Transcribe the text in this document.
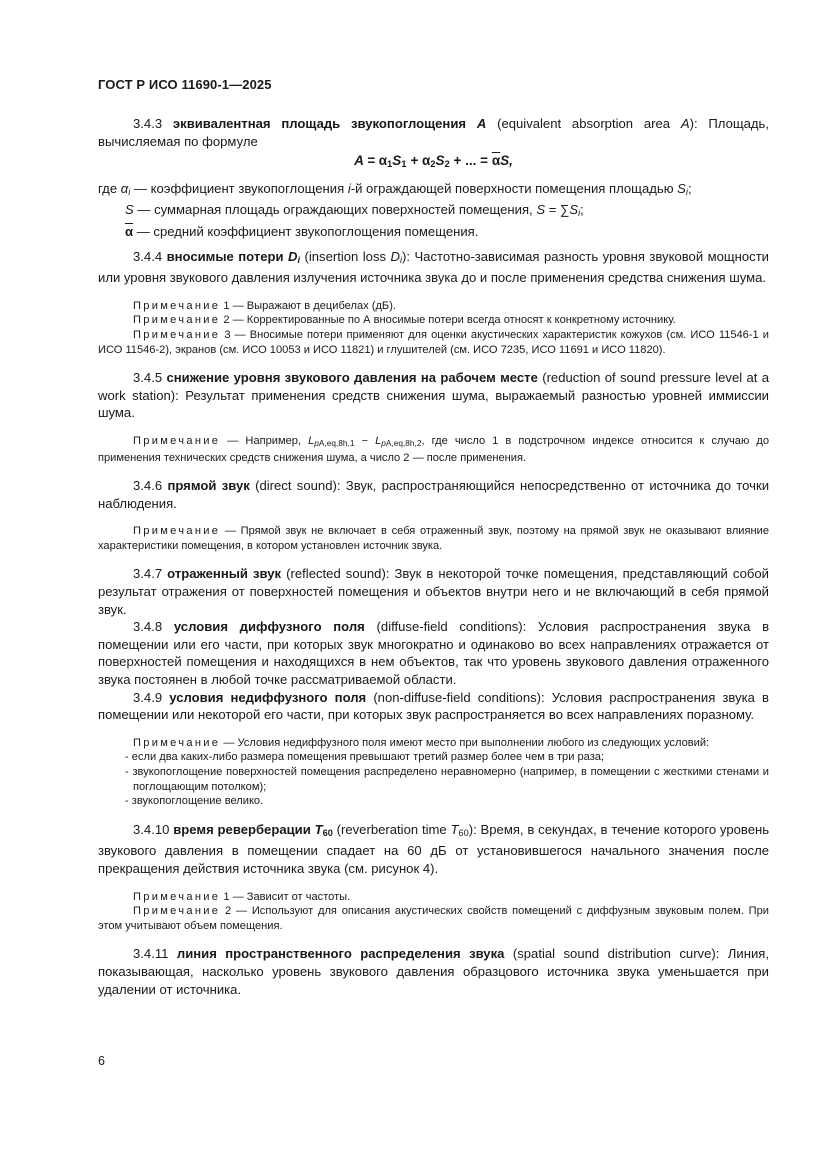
ГОСТ Р ИСО 11690-1—2025

3.4.3 эквивалентная площадь звукопоглощения A (equivalent absorption area A): Площадь, вычисляемая по формуле

$A = \alpha_1S_1 + \alpha_2S_2$ + ... = $\overline{\alpha}S$,

где $\alpha_i$ — коэффициент звукопоглощения i-й ограждающей поверхности помещения площадью $S_i$;

S — суммарная площадь ограждающих поверхностей помещения, $S = \sum S_i$;

$\overline{\alpha}$ — средний коэффициент звукопоглощения помещения.

3.4.4 вносимые потери $D_i$ (insertion loss $D_i$): Частотно-зависимая разность уровня звуковой мощности или уровня звукового давления излучения источника звука до и после применения средства снижения шума.

Примечание 1 — Выражают в децибелах (дБ).

Примечание 2 — Корректированные по А вносимые потери всегда относят к конкретному источнику.

Примечание 3 — Вносимые потери применяют для оценки акустических характеристик кожухов (см. ИСО 11546-1 и ИСО 11546-2), экранов (см. ИСО 10053 и ИСО 11821) и глушителей (см. ИСО 7235, ИСО 11691 и ИСО 11820).

3.4.5 снижение уровня звукового давления на рабочем месте (reduction of sound pressure level at a work station): Результат применения средств снижения шума, выражаемый разностью уровней иммиссии шума.

Примечание — Например, $L_{pA,eq,8h,1} - L_{pA,eq,8h,2}$, где число 1 в подстрочном индексе относится к случаю до применения технических средств снижения шума, а число 2 — после применения.

3.4.6 прямой звук (direct sound): Звук, распространяющийся непосредственно от источника до точки наблюдения.

Примечание — Прямой звук не включает в себя отраженный звук, поэтому на прямой звук не оказывают влияние характеристики помещения, в котором установлен источник звука.

3.4.7 отраженный звук (reflected sound): Звук в некоторой точке помещения, представляющий собой результат отражения от поверхностей помещения и объектов внутри него и не включающий в себя прямой звук.

3.4.8 условия диффузного поля (diffuse-field conditions): Условия распространения звука в помещении или его части, при которых звук многократно и одинаково во всех направлениях отражается от поверхностей помещения и находящихся в нем объектов, так что уровень звукового давления отраженного звука постоянен в любой точке рассматриваемой области.

3.4.9 условия недиффузного поля (non-diffuse-field conditions): Условия распространения звука в помещении или некоторой его части, при которых звук распространяется во всех направлениях поразному.

Примечание — Условия недиффузного поля имеют место при выполнении любого из следующих условий:

- если два каких-либо размера помещения превышают третий размер более чем в три раза;

- звукопоглощение поверхностей помещения распределено неравномерно (например, в помещении с жесткими стенами и поглощающим потолком);

- звукопоглощение велико.

3.4.10 время реверберации $T_{60}$ (reverberation time $T_{60}$): Время, в секундах, в течение которого уровень звукового давления в помещении спадает на 60 дБ от установившегося начального значения после прекращения действия источника звука (см. рисунок 4).

Примечание 1 — Зависит от частоты.

Примечание 2 — Используют для описания акустических свойств помещений с диффузным звуковым полем. При этом учитывают объем помещения.

3.4.11 линия пространственного распределения звука (spatial sound distribution curve): Линия, показывающая, насколько уровень звукового давления образцового источника звука уменьшается при удалении от источника.

6
